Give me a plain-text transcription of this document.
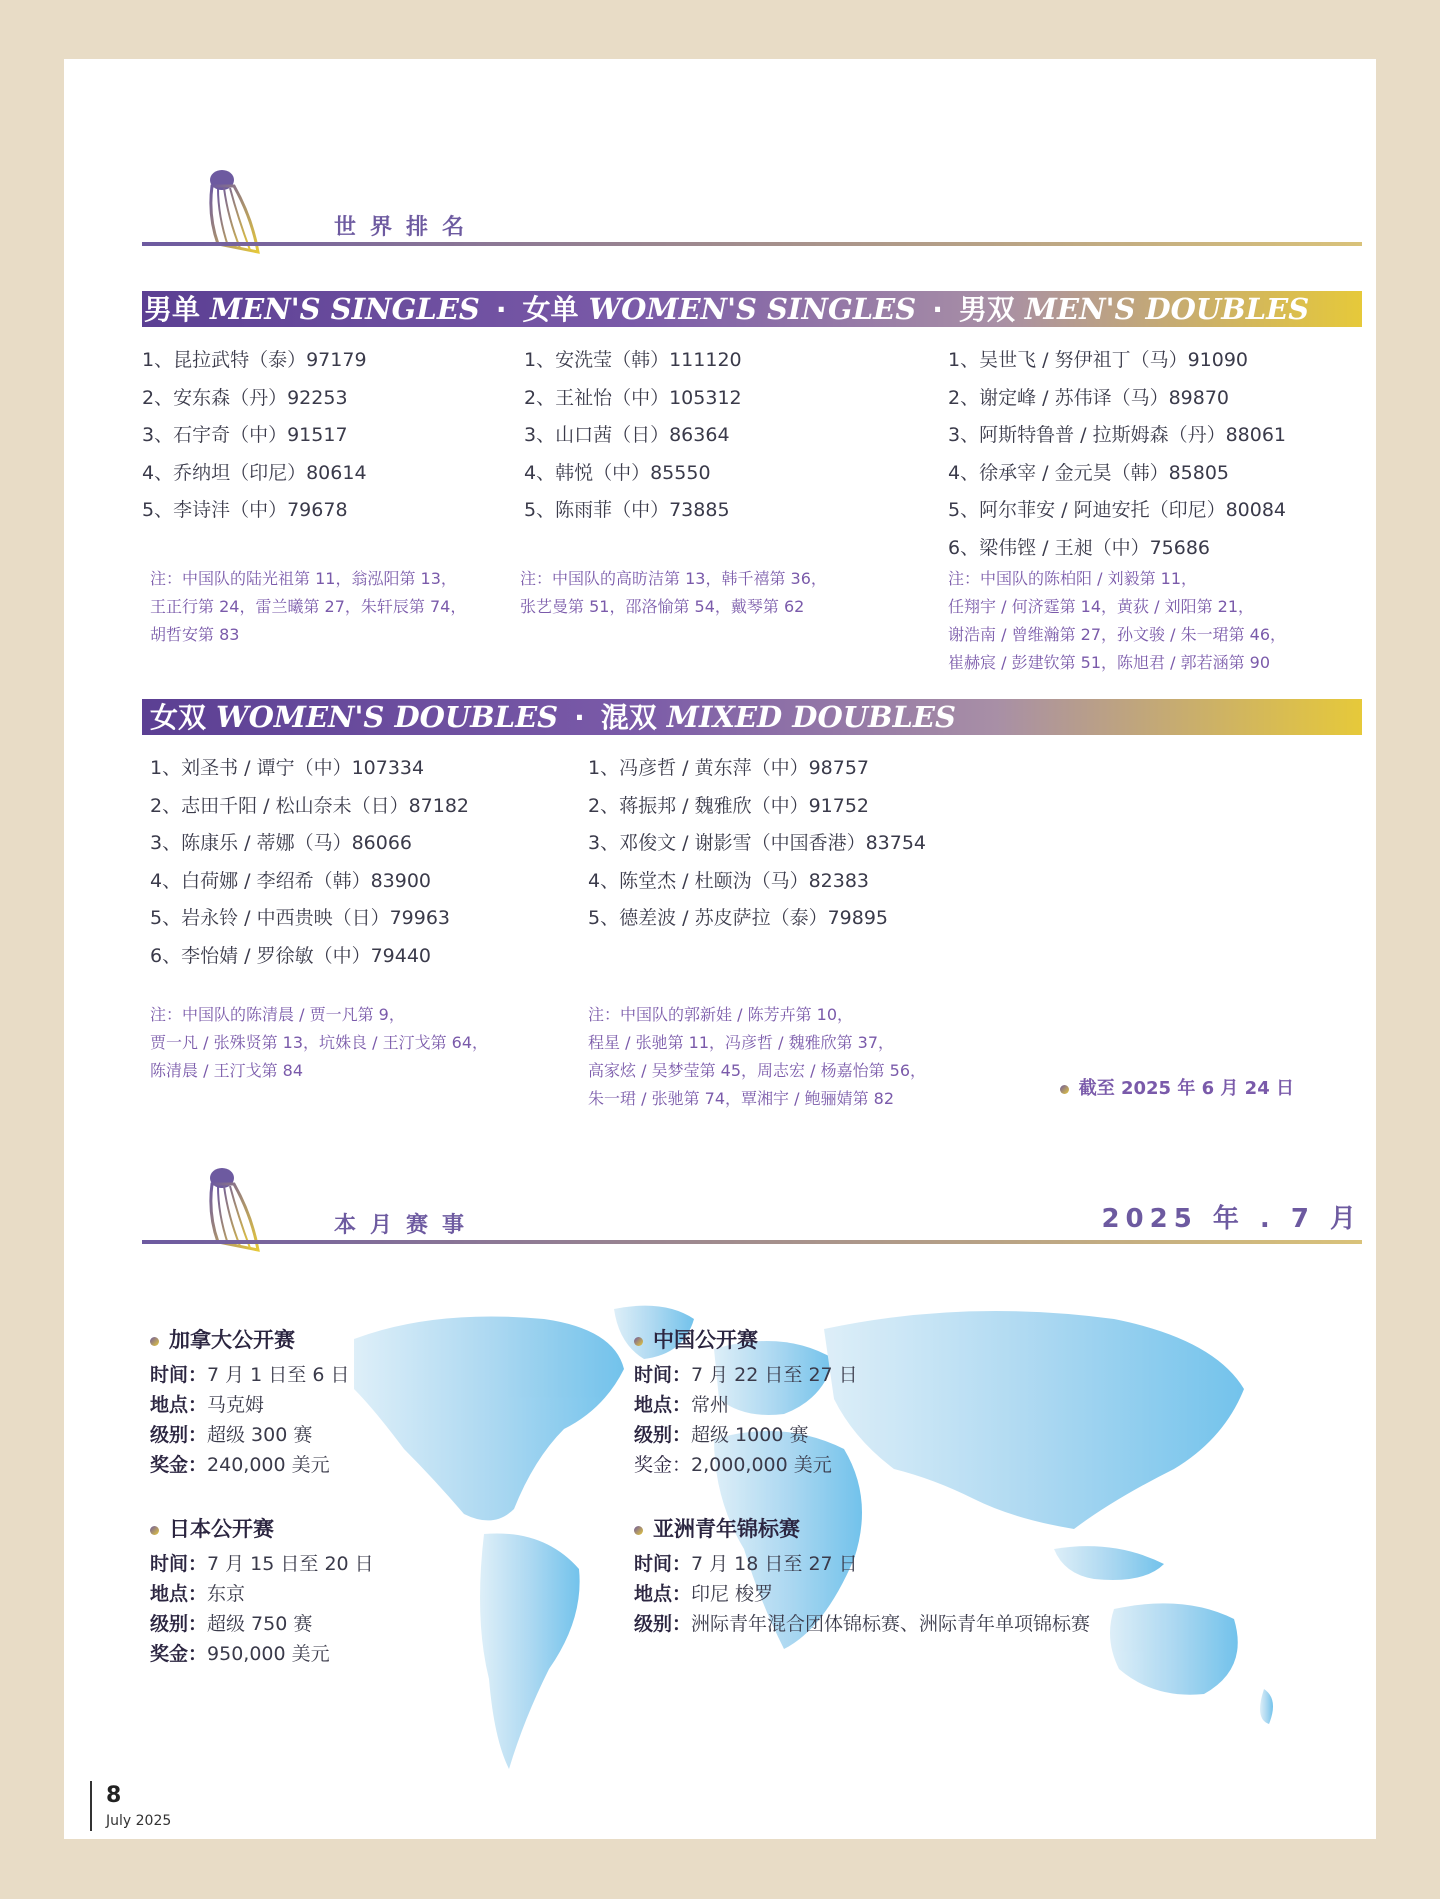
世界排名
男单 MEN'S SINGLES · 女单 WOMEN'S SINGLES · 男双 MEN'S DOUBLES
1、昆拉武特（泰）97179
2、安东森（丹）92253
3、石宇奇（中）91517
4、乔纳坦（印尼）80614
5、李诗沣（中）79678
1、安洗莹（韩）111120
2、王祉怡（中）105312
3、山口茜（日）86364
4、韩悦（中）85550
5、陈雨菲（中）73885
1、吴世飞 / 努伊祖丁（马）91090
2、谢定峰 / 苏伟译（马）89870
3、阿斯特鲁普 / 拉斯姆森（丹）88061
4、徐承宰 / 金元昊（韩）85805
5、阿尔菲安 / 阿迪安托（印尼）80084
6、梁伟铿 / 王昶（中）75686
注：中国队的陆光祖第 11，翁泓阳第 13，
王正行第 24，雷兰曦第 27，朱轩辰第 74，
胡哲安第 83
注：中国队的高昉洁第 13，韩千禧第 36，
张艺曼第 51，邵洛愉第 54，戴琴第 62
注：中国队的陈柏阳 / 刘毅第 11，
任翔宇 / 何济霆第 14，黄荻 / 刘阳第 21，
谢浩南 / 曾维瀚第 27，孙文骏 / 朱一珺第 46，
崔赫宸 / 彭建钦第 51，陈旭君 / 郭若涵第 90
女双 WOMEN'S DOUBLES · 混双 MIXED DOUBLES
1、刘圣书 / 谭宁（中）107334
2、志田千阳 / 松山奈未（日）87182
3、陈康乐 / 蒂娜（马）86066
4、白荷娜 / 李绍希（韩）83900
5、岩永铃 / 中西贵映（日）79963
6、李怡婧 / 罗徐敏（中）79440
1、冯彦哲 / 黄东萍（中）98757
2、蒋振邦 / 魏雅欣（中）91752
3、邓俊文 / 谢影雪（中国香港）83754
4、陈堂杰 / 杜颐沩（马）82383
5、德差波 / 苏皮萨拉（泰）79895
注：中国队的陈清晨 / 贾一凡第 9，
贾一凡 / 张殊贤第 13，坑姝良 / 王汀戈第 64，
陈清晨 / 王汀戈第 84
注：中国队的郭新娃 / 陈芳卉第 10，
程星 / 张驰第 11，冯彦哲 / 魏雅欣第 37，
高家炫 / 吴梦莹第 45，周志宏 / 杨嘉怡第 56，
朱一珺 / 张驰第 74，覃湘宇 / 鲍骊婧第 82	截至 2025 年 6 月 24 日
本月赛事	2025 年 . 7 月
加拿大公开赛
时间：7 月 1 日至 6 日
地点：马克姆
级别：超级 300 赛
奖金：240,000 美元
日本公开赛
时间：7 月 15 日至 20 日
地点：东京
级别：超级 750 赛
奖金：950,000 美元
中国公开赛
时间：7 月 22 日至 27 日
地点：常州
级别：超级 1000 赛
奖金：2,000,000 美元
亚洲青年锦标赛
时间：7 月 18 日至 27 日
地点：印尼 梭罗
级别：洲际青年混合团体锦标赛、洲际青年单项锦标赛
8
July 2025
